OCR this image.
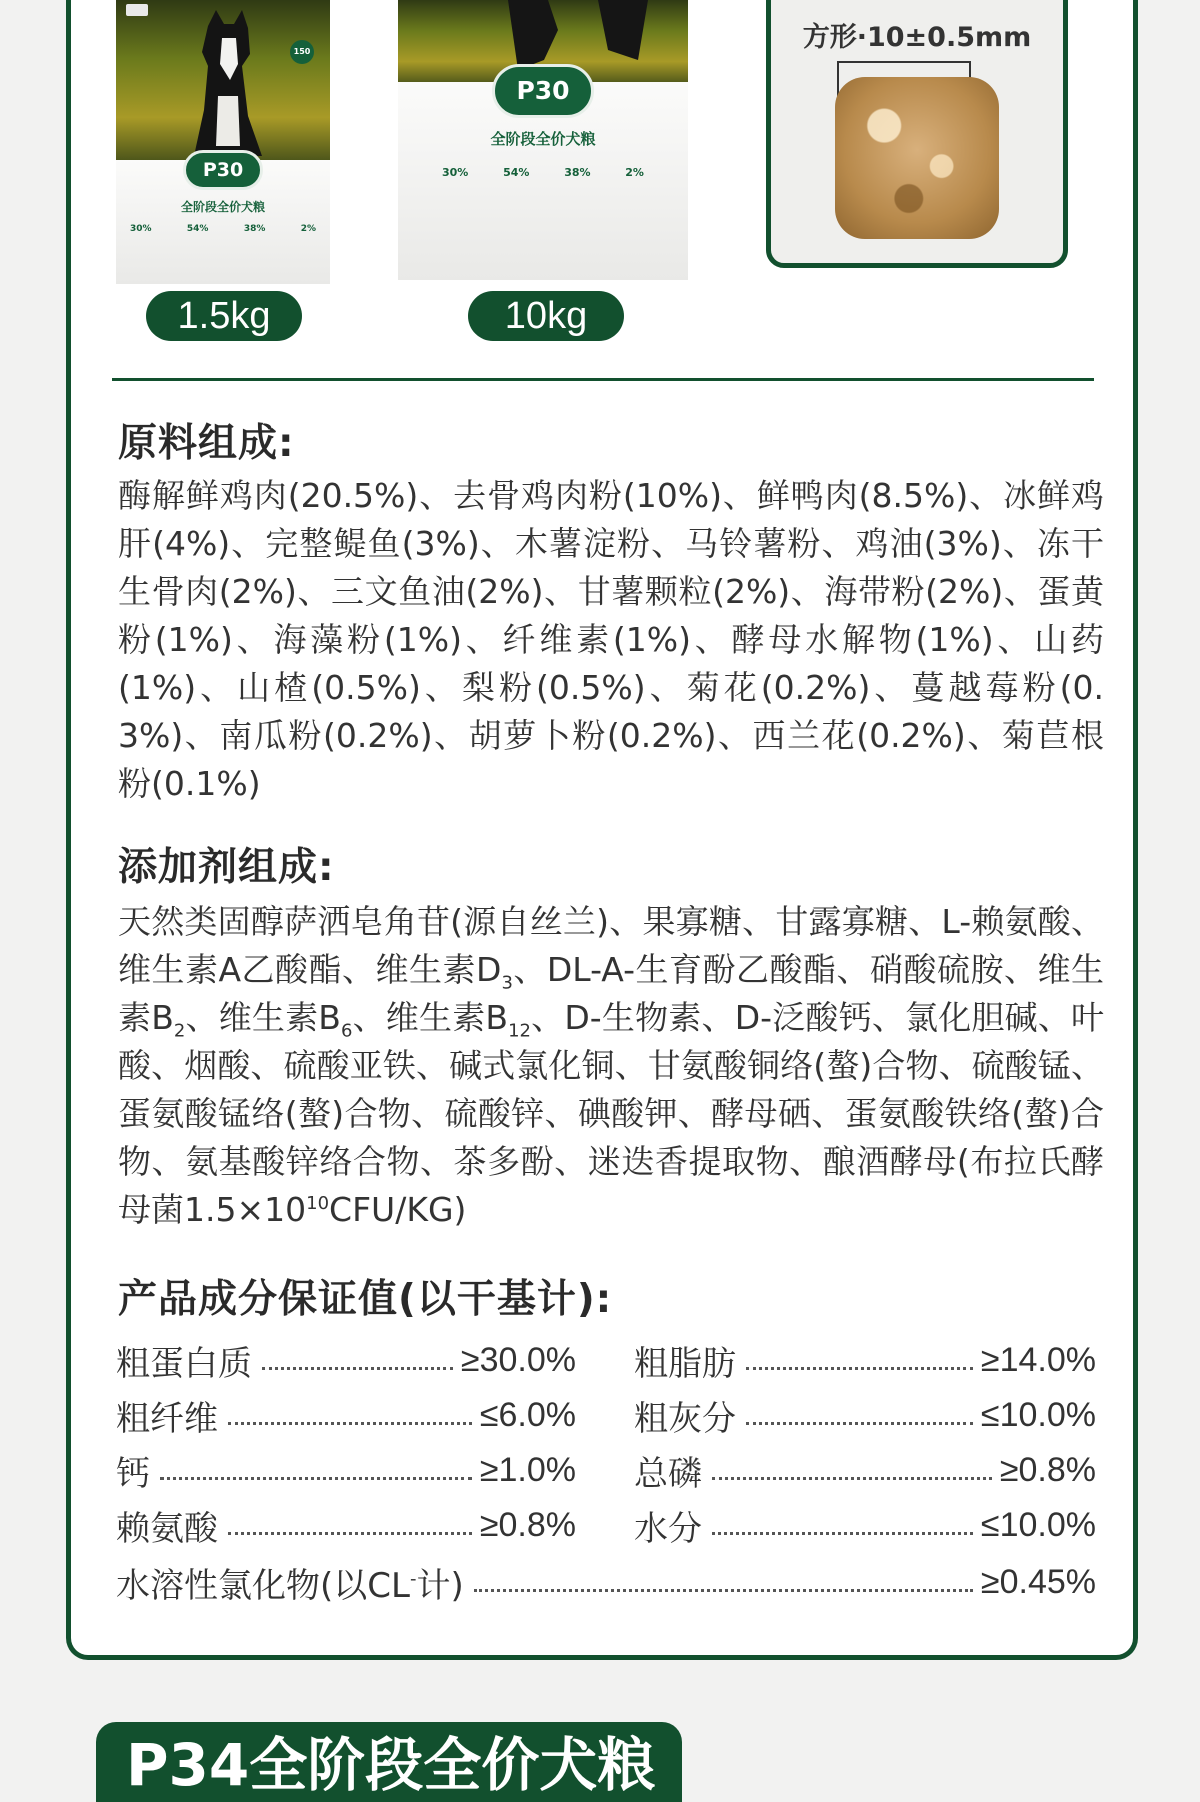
150
P30
全阶段全价犬粮
30%	54%	38%	2%
P30
全阶段全价犬粮
30%	54%	38%	2%
1.5kg	10kg
方形·10±0.5mm
原料组成:
酶解鲜鸡肉(20.5%)、去骨鸡肉粉(10%)、鲜鸭肉(8.5%)、冰鲜鸡肝(4%)、完整鳀鱼(3%)、木薯淀粉、马铃薯粉、鸡油(3%)、冻干生骨肉(2%)、三文鱼油(2%)、甘薯颗粒(2%)、海带粉(2%)、蛋黄粉(1%)、海藻粉(1%)、纤维素(1%)、酵母水解物(1%)、山药(1%)、山楂(0.5%)、梨粉(0.5%)、菊花(0.2%)、蔓越莓粉(0.3%)、南瓜粉(0.2%)、胡萝卜粉(0.2%)、西兰花(0.2%)、菊苣根粉(0.1%)
添加剂组成:
天然类固醇萨洒皂角苷(源自丝兰)、果寡糖、甘露寡糖、L-赖氨酸、维生素A乙酸酯、维生素$D_3$、DL-A-生育酚乙酸酯、硝酸硫胺、维生素$B_2$、维生素$B_6$、维生素$B_{12}$、D-生物素、D-泛酸钙、氯化胆碱、叶酸、烟酸、硫酸亚铁、碱式氯化铜、甘氨酸铜络(螯)合物、硫酸锰、蛋氨酸锰络(螯)合物、硫酸锌、碘酸钾、酵母硒、蛋氨酸铁络(螯)合物、氨基酸锌络合物、茶多酚、迷迭香提取物、酿酒酵母(布拉氏酵母菌$1.5\times 10^{10}CFU/KG$)
产品成分保证值(以干基计):
粗蛋白质	≥30.0% 粗脂肪	≥14.0%
粗纤维	≤6.0% 粗灰分	≤10.0%
钙	≥1.0% 总磷	≥0.8%
赖氨酸	≥0.8% 水分	≤10.0%
水溶性氯化物(以CL-计)	≥0.45%
P34全阶段全价犬粮
